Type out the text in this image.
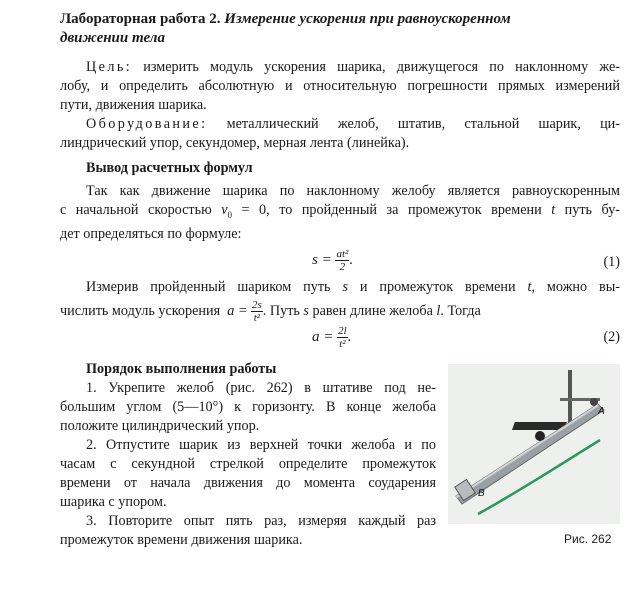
Лабораторная работа 2. Измерение ускорения при равноускоренном
движении тела
Цель: измерить модуль ускорения шарика, движущегося по наклонному же-
лобу, и определить абсолютную и относительную погрешности прямых измерений
пути, движения шарика.
Оборудование: металлический желоб, штатив, стальной шарик, ци-
линдрический упор, секундомер, мерная лента (линейка).
Вывод расчетных формул
Так как движение шарика по наклонному желобу является равноускоренным
с начальной скоростью $v_0 = 0$, то пройденный за промежуток времени t путь бу-
дет определяться по формуле:
$s = \frac{\text{at²}}{2}$ .	(1)
Измерив пройденный шариком путь s и промежуток времени t, можно вы-
числить модуль ускорения $a = \frac{2s}{\text{t²}}$ . Путь s равен длине желоба l. Тогда
$a = \frac{2l}{\text{t²}}$ .	(2)
Порядок выполнения работы
1. Укрепите желоб (рис. 262) в штативе под не-
большим углом (5—10°) к горизонту. В конце желоба
положите цилиндрический упор.
2. Отпустите шарик из верхней точки желоба и по
часам с секундной стрелкой определите промежуток
времени от начала движения до момента соударения
шарика с упором.
3. Повторите опыт пять раз, измеряя каждый раз
промежуток времени движения шарика.
A
B
Рис. 262
